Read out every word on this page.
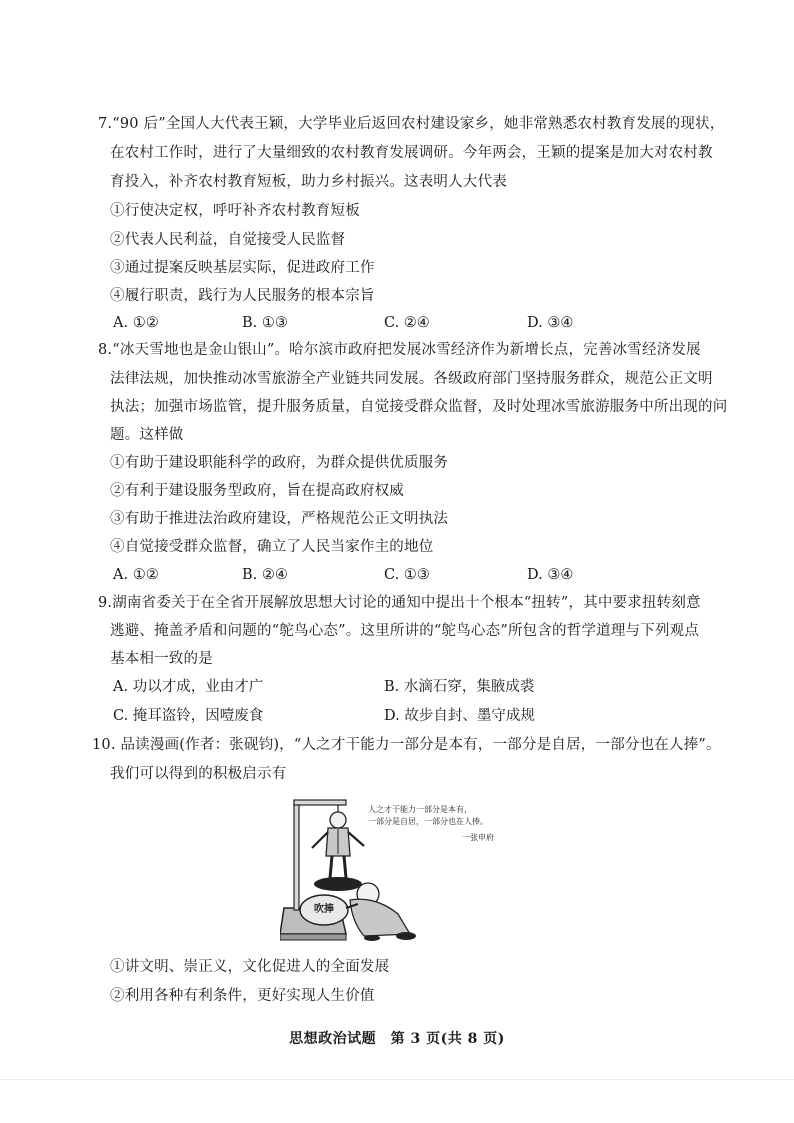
7.“90 后”全国人大代表王颖，大学毕业后返回农村建设家乡，她非常熟悉农村教育发展的现状，
在农村工作时，进行了大量细致的农村教育发展调研。今年两会，王颖的提案是加大对农村教
育投入，补齐农村教育短板，助力乡村振兴。这表明人大代表
①行使决定权，呼吁补齐农村教育短板
②代表人民利益，自觉接受人民监督
③通过提案反映基层实际，促进政府工作
④履行职责，践行为人民服务的根本宗旨
A. ①②	B. ①③	C. ②④	D. ③④
8.“冰天雪地也是金山银山”。哈尔滨市政府把发展冰雪经济作为新增长点，完善冰雪经济发展
法律法规，加快推动冰雪旅游全产业链共同发展。各级政府部门坚持服务群众，规范公正文明
执法；加强市场监管，提升服务质量，自觉接受群众监督，及时处理冰雪旅游服务中所出现的问
题。这样做
①有助于建设职能科学的政府，为群众提供优质服务
②有利于建设服务型政府，旨在提高政府权威
③有助于推进法治政府建设，严格规范公正文明执法
④自觉接受群众监督，确立了人民当家作主的地位
A. ①②	B. ②④	C. ①③	D. ③④
9.湖南省委关于在全省开展解放思想大讨论的通知中提出十个根本“扭转”，其中要求扭转刻意
逃避、掩盖矛盾和问题的“鸵鸟心态”。这里所讲的“鸵鸟心态”所包含的哲学道理与下列观点
基本相一致的是
A. 功以才成，业由才广	B. 水滴石穿，集腋成裘
C. 掩耳盗铃，因噎废食	D. 故步自封、墨守成规
10. 品读漫画(作者：张砚钧)，“人之才干能力一部分是本有，一部分是自居，一部分也在人捧”。
我们可以得到的积极启示有
人之才干能力一部分是本有，
一部分是自居，一部分也在人捧。
一张申府
吹捧
①讲文明、崇正义，文化促进人的全面发展
②利用各种有利条件，更好实现人生价值
思想政治试题　第 3 页(共 8 页)
